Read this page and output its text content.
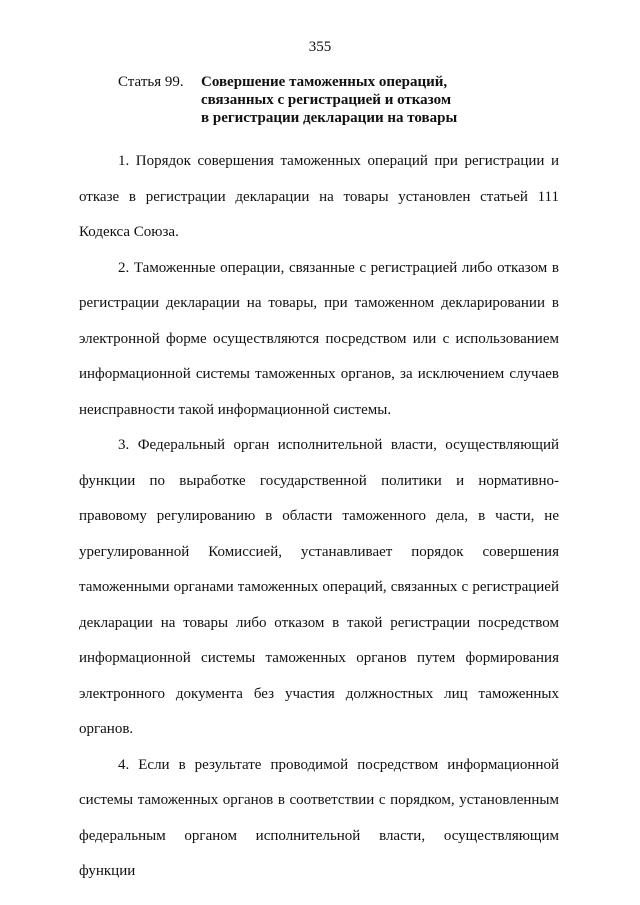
355
Статья 99. Совершение таможенных операций,
связанных с регистрацией и отказом
в регистрации декларации на товары

1. Порядок совершения таможенных операций при регистрации и отказе в регистрации декларации на товары установлен статьей 111 Кодекса Союза.

2. Таможенные операции, связанные с регистрацией либо отказом в регистрации декларации на товары, при таможенном декларировании в электронной форме осуществляются посредством или с использованием информационной системы таможенных органов, за исключением случаев неисправности такой информационной системы.

3. Федеральный орган исполнительной власти, осуществляющий функции по выработке государственной политики и нормативно-правовому регулированию в области таможенного дела, в части, не урегулированной Комиссией, устанавливает порядок совершения таможенными органами таможенных операций, связанных с регистрацией декларации на товары либо отказом в такой регистрации посредством информационной системы таможенных органов путем формирования электронного документа без участия должностных лиц таможенных органов.

4. Если в результате проводимой посредством информационной системы таможенных органов в соответствии с порядком, установленным федеральным органом исполнительной власти, осуществляющим функции
